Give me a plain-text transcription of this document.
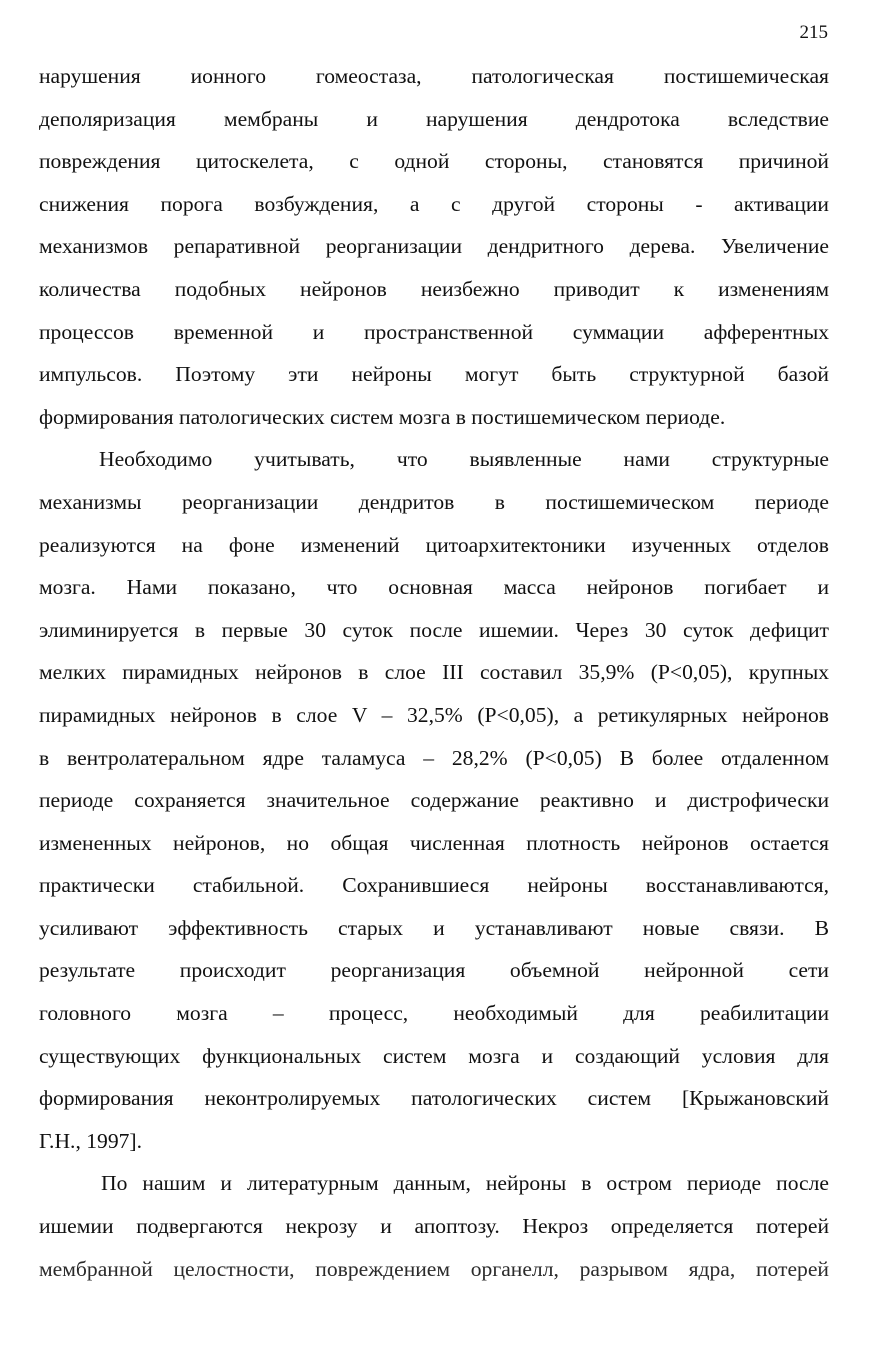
215
нарушения ионного гомеостаза, патологическая постишемическая
деполяризация мембраны и нарушения дендротока вследствие
повреждения цитоскелета, с одной стороны, становятся причиной
снижения порога возбуждения, а с другой стороны - активации
механизмов репаративной реорганизации дендритного дерева. Увеличение
количества подобных нейронов неизбежно приводит к изменениям
процессов временной и пространственной суммации афферентных
импульсов. Поэтому эти нейроны могут быть структурной базой
формирования патологических систем мозга в постишемическом периоде.
Необходимо учитывать, что выявленные нами структурные
механизмы реорганизации дендритов в постишемическом периоде
реализуются на фоне изменений цитоархитектоники изученных отделов
мозга. Нами показано, что основная масса нейронов погибает и
элиминируется в первые 30 суток после ишемии. Через 30 суток дефицит
мелких пирамидных нейронов в слое III составил 35,9% (P<0,05), крупных
пирамидных нейронов в слое V – 32,5% (P<0,05), а ретикулярных нейронов
в вентролатеральном ядре таламуса – 28,2% (P<0,05) В более отдаленном
периоде сохраняется значительное содержание реактивно и дистрофически
измененных нейронов, но общая численная плотность нейронов остается
практически стабильной. Сохранившиеся нейроны восстанавливаются,
усиливают эффективность старых и устанавливают новые связи. В
результате происходит реорганизация объемной нейронной сети
головного мозга – процесс, необходимый для реабилитации
существующих функциональных систем мозга и создающий условия для
формирования неконтролируемых патологических систем [Крыжановский
Г.Н., 1997].
По нашим и литературным данным, нейроны в остром периоде после
ишемии подвергаются некрозу и апоптозу. Некроз определяется потерей
мембранной целостности, повреждением органелл, разрывом ядра, потерей
